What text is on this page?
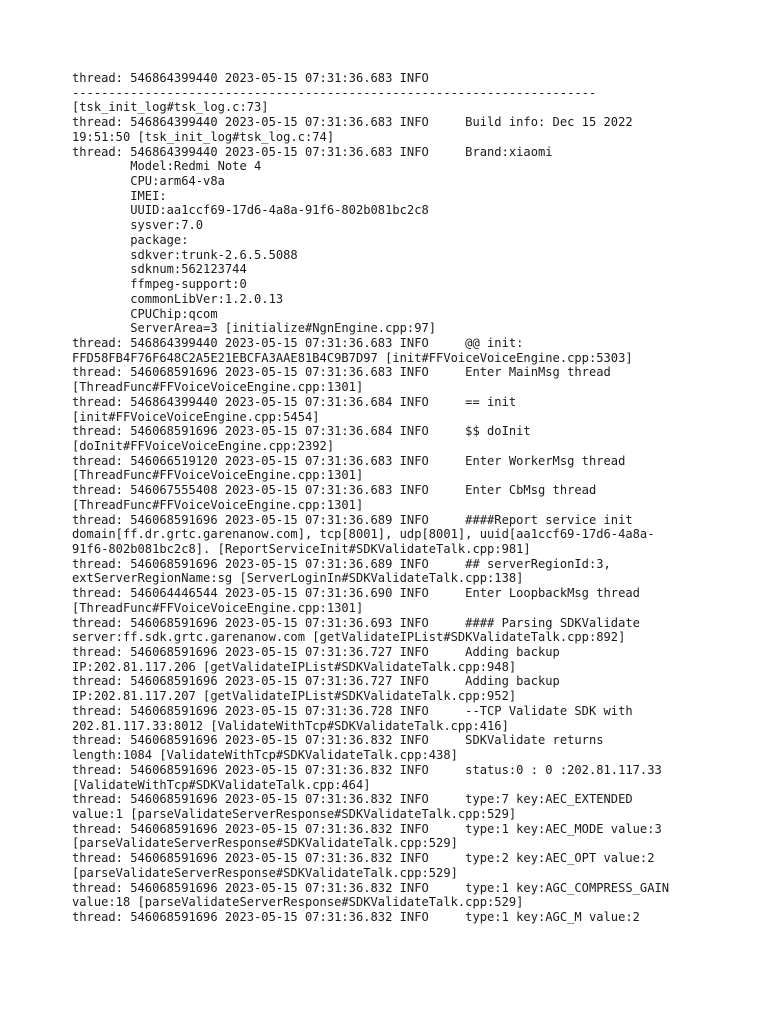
thread: 546864399440 2023-05-15 07:31:36.683 INFO
------------------------------------------------------------------------
[tsk_init_log#tsk_log.c:73]
thread: 546864399440 2023-05-15 07:31:36.683 INFO     Build info: Dec 15 2022
19:51:50 [tsk_init_log#tsk_log.c:74]
thread: 546864399440 2023-05-15 07:31:36.683 INFO     Brand:xiaomi
Model:Redmi Note 4
CPU:arm64-v8a
IMEI:
UUID:aa1ccf69-17d6-4a8a-91f6-802b081bc2c8
sysver:7.0
package:
sdkver:trunk-2.6.5.5088
sdknum:562123744
ffmpeg-support:0
commonLibVer:1.2.0.13
CPUChip:qcom
ServerArea=3 [initialize#NgnEngine.cpp:97]
thread: 546864399440 2023-05-15 07:31:36.683 INFO     @@ init:
FFD58FB4F76F648C2A5E21EBCFA3AAE81B4C9B7D97 [init#FFVoiceVoiceEngine.cpp:5303]
thread: 546068591696 2023-05-15 07:31:36.683 INFO     Enter MainMsg thread
[ThreadFunc#FFVoiceVoiceEngine.cpp:1301]
thread: 546864399440 2023-05-15 07:31:36.684 INFO     == init
[init#FFVoiceVoiceEngine.cpp:5454]
thread: 546068591696 2023-05-15 07:31:36.684 INFO     $$ doInit
[doInit#FFVoiceVoiceEngine.cpp:2392]
thread: 546066519120 2023-05-15 07:31:36.683 INFO     Enter WorkerMsg thread
[ThreadFunc#FFVoiceVoiceEngine.cpp:1301]
thread: 546067555408 2023-05-15 07:31:36.683 INFO     Enter CbMsg thread
[ThreadFunc#FFVoiceVoiceEngine.cpp:1301]
thread: 546068591696 2023-05-15 07:31:36.689 INFO     ####Report service init
domain[ff.dr.grtc.garenanow.com], tcp[8001], udp[8001], uuid[aa1ccf69-17d6-4a8a-
91f6-802b081bc2c8]. [ReportServiceInit#SDKValidateTalk.cpp:981]
thread: 546068591696 2023-05-15 07:31:36.689 INFO     ## serverRegionId:3,
extServerRegionName:sg [ServerLoginIn#SDKValidateTalk.cpp:138]
thread: 546064446544 2023-05-15 07:31:36.690 INFO     Enter LoopbackMsg thread
[ThreadFunc#FFVoiceVoiceEngine.cpp:1301]
thread: 546068591696 2023-05-15 07:31:36.693 INFO     #### Parsing SDKValidate
server:ff.sdk.grtc.garenanow.com [getValidateIPList#SDKValidateTalk.cpp:892]
thread: 546068591696 2023-05-15 07:31:36.727 INFO     Adding backup
IP:202.81.117.206 [getValidateIPList#SDKValidateTalk.cpp:948]
thread: 546068591696 2023-05-15 07:31:36.727 INFO     Adding backup
IP:202.81.117.207 [getValidateIPList#SDKValidateTalk.cpp:952]
thread: 546068591696 2023-05-15 07:31:36.728 INFO     --TCP Validate SDK with
202.81.117.33:8012 [ValidateWithTcp#SDKValidateTalk.cpp:416]
thread: 546068591696 2023-05-15 07:31:36.832 INFO     SDKValidate returns
length:1084 [ValidateWithTcp#SDKValidateTalk.cpp:438]
thread: 546068591696 2023-05-15 07:31:36.832 INFO     status:0 : 0 :202.81.117.33
[ValidateWithTcp#SDKValidateTalk.cpp:464]
thread: 546068591696 2023-05-15 07:31:36.832 INFO     type:7 key:AEC_EXTENDED
value:1 [parseValidateServerResponse#SDKValidateTalk.cpp:529]
thread: 546068591696 2023-05-15 07:31:36.832 INFO     type:1 key:AEC_MODE value:3
[parseValidateServerResponse#SDKValidateTalk.cpp:529]
thread: 546068591696 2023-05-15 07:31:36.832 INFO     type:2 key:AEC_OPT value:2
[parseValidateServerResponse#SDKValidateTalk.cpp:529]
thread: 546068591696 2023-05-15 07:31:36.832 INFO     type:1 key:AGC_COMPRESS_GAIN
value:18 [parseValidateServerResponse#SDKValidateTalk.cpp:529]
thread: 546068591696 2023-05-15 07:31:36.832 INFO     type:1 key:AGC_M value:2
